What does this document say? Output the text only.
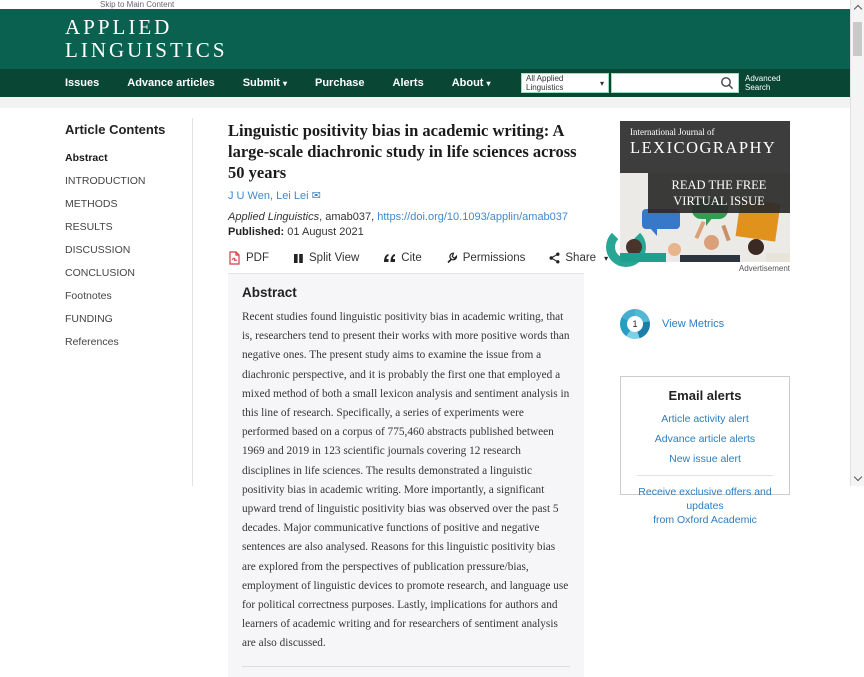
Skip to Main Content
APPLIED
LINGUISTICS
Issues	Advance articles	Submit ▾	Purchase	Alerts	About ▾
All Applied Linguistics	▾	Advanced
Search
Article Contents
Abstract
INTRODUCTION
METHODS
RESULTS
DISCUSSION
CONCLUSION
Footnotes
FUNDING
References
Linguistic positivity bias in academic writing: A large-scale diachronic study in life sciences across 50 years
J U Wen, Lei Lei ✉
Applied Linguistics, amab037, https://doi.org/10.1093/applin/amab037
Published: 01 August 2021
PDF	Split View	Cite	Permissions	Share ▾
Abstract
Recent studies found linguistic positivity bias in academic writing, that is, researchers tend to present their works with more positive words than negative ones. The present study aims to examine the issue from a diachronic perspective, and it is probably the first one that employed a mixed method of both a small lexicon analysis and sentiment analysis in this line of research. Specifically, a series of experiments were performed based on a corpus of 775,460 abstracts published between 1969 and 2019 in 123 scientific journals covering 12 research disciplines in life sciences. The results demonstrated a linguistic positivity bias in academic writing. More importantly, a significant upward trend of linguistic positivity bias was observed over the past 5 decades. Major communicative functions of positive and negative sentences are also analysed. Reasons for this linguistic positivity bias are explored from the perspectives of publication pressure/bias, employment of linguistic devices to promote research, and language use for political correctness purposes. Lastly, implications for authors and learners of academic writing and for researchers of sentiment analysis are also discussed.
International Journal of
LEXICOGRAPHY
READ THE FREE
VIRTUAL ISSUE
Advertisement
1	View Metrics
Email alerts
Article activity alert
Advance article alerts
New issue alert
Receive exclusive offers and updates
from Oxford Academic
